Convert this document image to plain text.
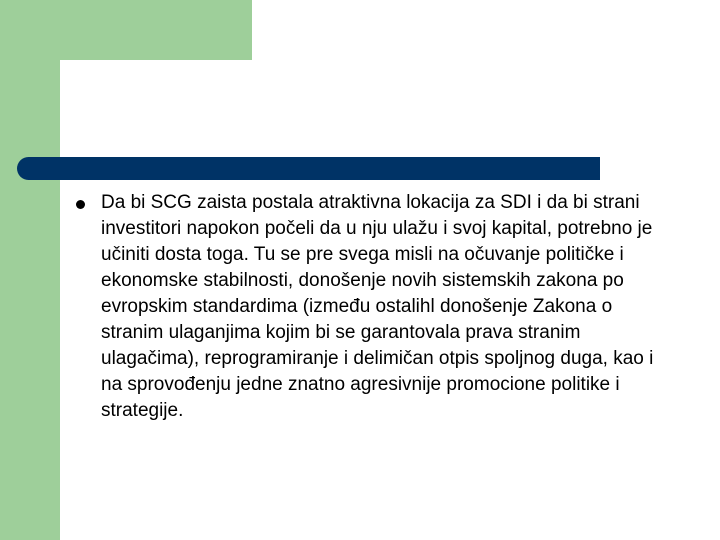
Da bi SCG zaista postala atraktivna lokacija za SDI i da bi strani investitori napokon počeli da u nju ulažu i svoj kapital, potrebno je učiniti dosta toga. Tu se pre svega misli na očuvanje političke i ekonomske stabilnosti, donošenje novih sistemskih zakona po evropskim standardima (između ostalihl donošenje Zakona o stranim ulaganjima kojim bi se garantovala prava stranim ulagačima), reprogramiranje i delimičan otpis spoljnog duga, kao i na sprovođenju jedne znatno agresivnije promocione politike i strategije.
